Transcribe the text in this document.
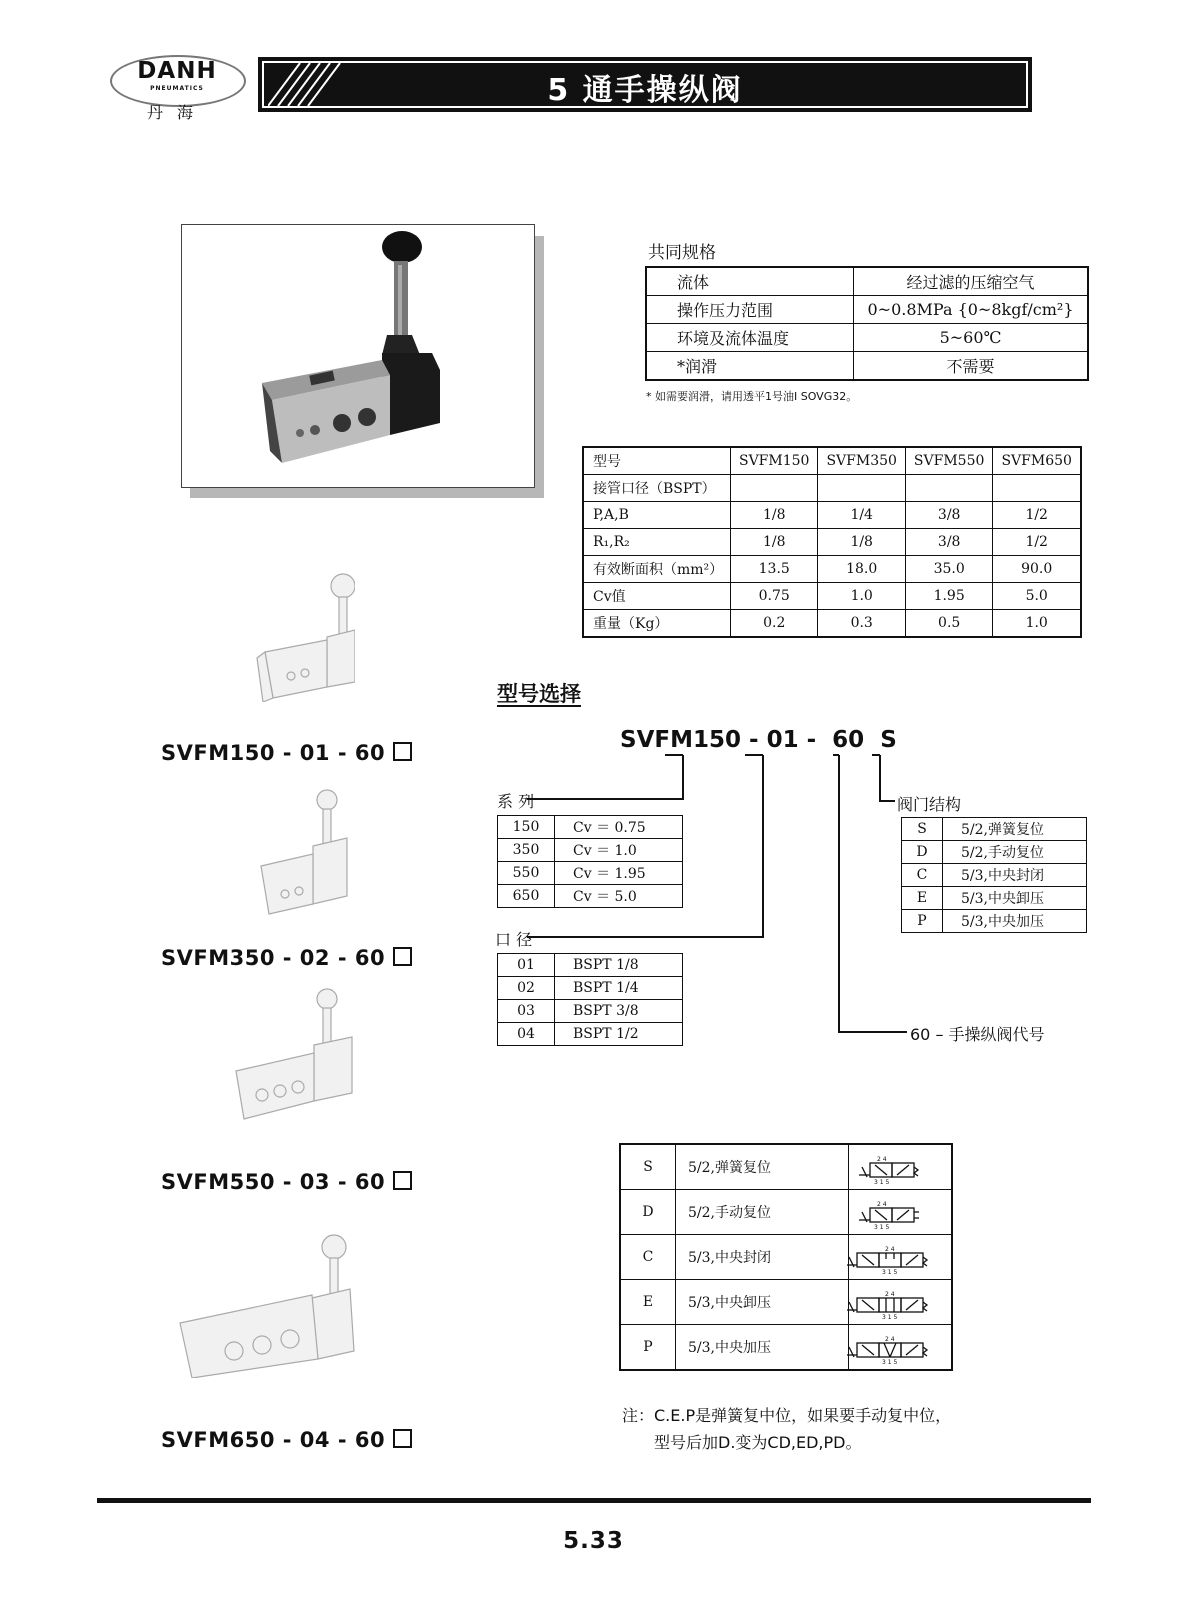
DANH
PNEUMATICS
丹海
5 通手操纵阀
共同规格
流体	经过滤的压缩空气
操作压力范围	0~0.8MPa {0~8kgf/cm²}
环境及流体温度	5~60℃
*润滑	不需要
* 如需要润滑，请用透平1号油I SOVG32。
型号	SVFM150	SVFM350	SVFM550	SVFM650
接管口径（BSPT）				
P,A,B	1/8	1/4	3/8	1/2
R₁,R₂	1/8	1/8	3/8	1/2
有效断面积（mm²）	13.5	18.0	35.0	90.0
Cv值	0.75	1.0	1.95	5.0
重量（Kg）	0.2	0.3	0.5	1.0
型号选择
SVFM150 - 01 - 60 S
系 列
150	Cv ＝ 0.75
350	Cv ＝ 1.0
550	Cv ＝ 1.95
650	Cv ＝ 5.0
口 径
01	BSPT 1/8
02	BSPT 1/4
03	BSPT 3/8
04	BSPT 1/2
阀门结构
S	5/2,弹簧复位
D	5/2,手动复位
C	5/3,中央封闭
E	5/3,中央卸压
P	5/3,中央加压
60 – 手操纵阀代号
S	5/2,弹簧复位	
D	5/2,手动复位	
C	5/3,中央封闭	
E	5/3,中央卸压	
P	5/3,中央加压	
2 4
3 1 5
2 4
3 1 5
2 4
3 1 5
2 4
3 1 5
2 4
3 1 5
注：C.E.P是弹簧复中位，如果要手动复中位，
型号后加D.变为CD,ED,PD。
SVFM150 - 01 - 60
SVFM350 - 02 - 60
SVFM550 - 03 - 60
SVFM650 - 04 - 60
5.33
